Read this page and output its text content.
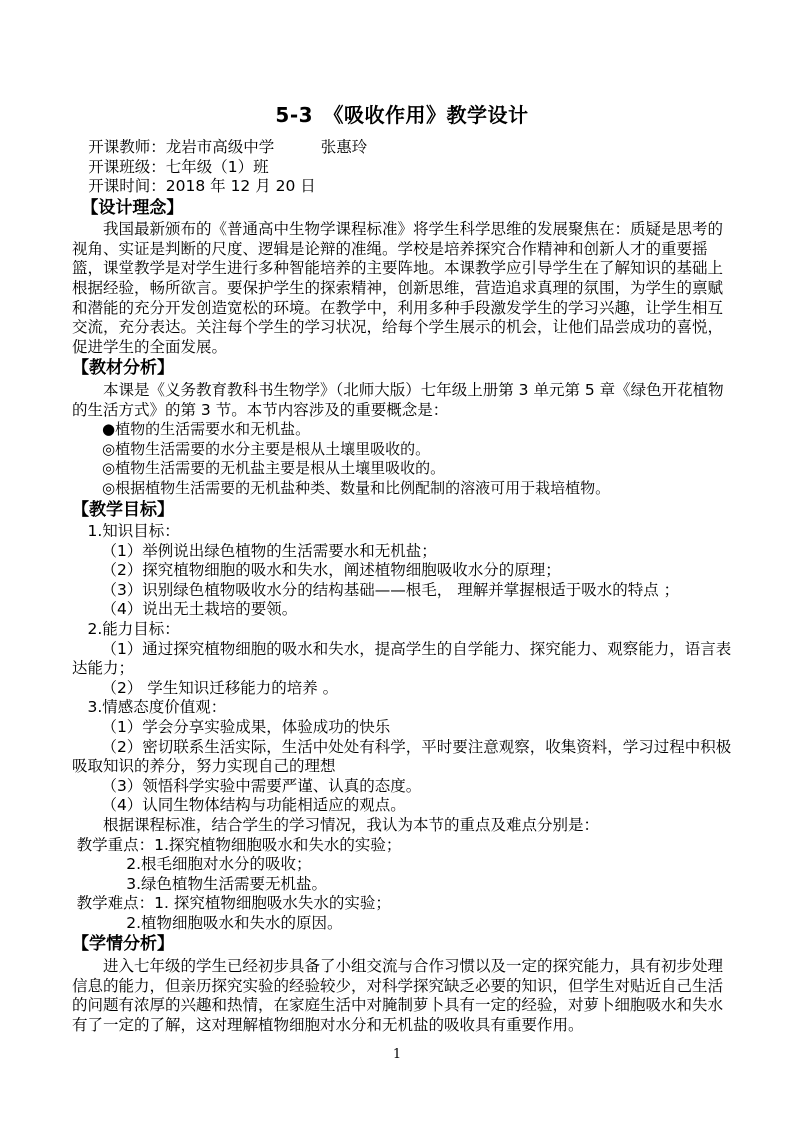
5-3　《吸收作用》教学设计
开课教师：龙岩市高级中学　　　张惠玲
开课班级：七年级（1）班
开课时间：2018 年 12 月 20 日
【设计理念】
我国最新颁布的《普通高中生物学课程标准》将学生科学思维的发展聚焦在：质疑是思考的视角、实证是判断的尺度、逻辑是论辩的准绳。学校是培养探究合作精神和创新人才的重要摇篮，课堂教学是对学生进行多种智能培养的主要阵地。本课教学应引导学生在了解知识的基础上根据经验，畅所欲言。要保护学生的探索精神，创新思维，营造追求真理的氛围，为学生的禀赋和潜能的充分开发创造宽松的环境。在教学中，利用多种手段激发学生的学习兴趣，让学生相互交流，充分表达。关注每个学生的学习状况，给每个学生展示的机会，让他们品尝成功的喜悦，促进学生的全面发展。
【教材分析】
本课是《义务教育教科书生物学》（北师大版）七年级上册第 3 单元第 5 章《绿色开花植物的生活方式》的第 3 节。本节内容涉及的重要概念是：
●植物的生活需要水和无机盐。
◎植物生活需要的水分主要是根从土壤里吸收的。
◎植物生活需要的无机盐主要是根从土壤里吸收的。
◎根据植物生活需要的无机盐种类、数量和比例配制的溶液可用于栽培植物。
【教学目标】
1.知识目标：
（1）举例说出绿色植物的生活需要水和无机盐；
（2）探究植物细胞的吸水和失水，阐述植物细胞吸收水分的原理；
（3）识别绿色植物吸收水分的结构基础——根毛， 理解并掌握根适于吸水的特点 ；
（4）说出无土栽培的要领。
2.能力目标：
（1）通过探究植物细胞的吸水和失水，提高学生的自学能力、探究能力、观察能力，语言表达能力；
（2） 学生知识迁移能力的培养 。
3.情感态度价值观：
（1）学会分享实验成果，体验成功的快乐
（2）密切联系生活实际，生活中处处有科学，平时要注意观察，收集资料，学习过程中积极吸取知识的养分，努力实现自己的理想
（3）领悟科学实验中需要严谨、认真的态度。
（4）认同生物体结构与功能相适应的观点。
根据课程标准，结合学生的学习情况，我认为本节的重点及难点分别是：
教学重点：1.探究植物细胞吸水和失水的实验；
2.根毛细胞对水分的吸收；
3.绿色植物生活需要无机盐。
教学难点：1. 探究植物细胞吸水失水的实验；
2.植物细胞吸水和失水的原因。
【学情分析】
进入七年级的学生已经初步具备了小组交流与合作习惯以及一定的探究能力，具有初步处理信息的能力，但亲历探究实验的经验较少，对科学探究缺乏必要的知识，但学生对贴近自己生活的问题有浓厚的兴趣和热情，在家庭生活中对腌制萝卜具有一定的经验，对萝卜细胞吸水和失水有了一定的了解，这对理解植物细胞对水分和无机盐的吸收具有重要作用。
1
